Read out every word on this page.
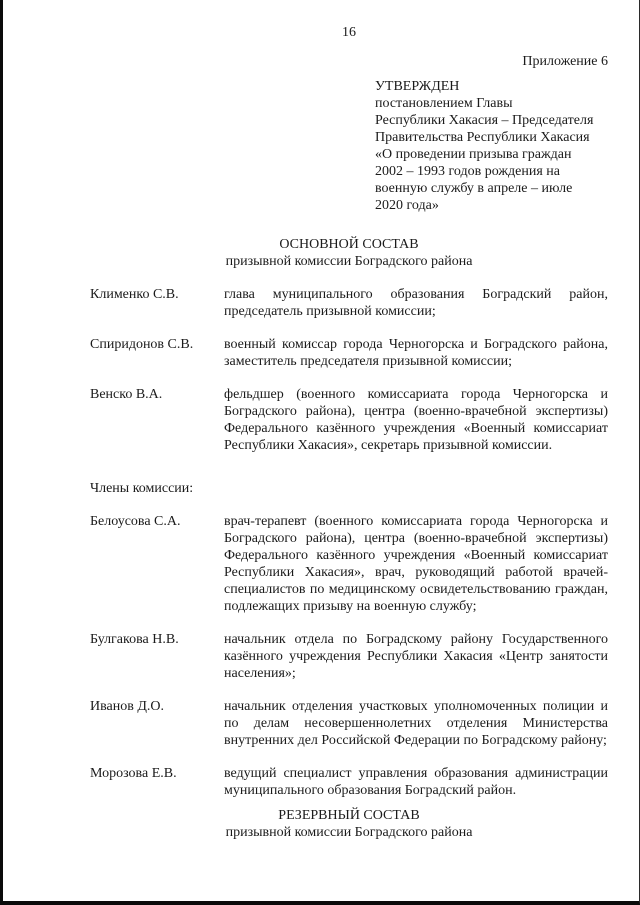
16
Приложение 6
УТВЕРЖДЕН
постановлением Главы
Республики Хакасия – Председателя
Правительства Республики Хакасия
«О проведении призыва граждан
2002 – 1993 годов рождения на
военную службу в апреле – июле
2020 года»
ОСНОВНОЙ СОСТАВ
призывной комиссии Боградского района
Клименко С.В.	глава муниципального образования Боградский район, председатель призывной комиссии;
Спиридонов С.В.	военный комиссар города Черногорска и Боградского района, заместитель председателя призывной комиссии;
Венско В.А.	фельдшер (военного комиссариата города Черногорска и Боградского района), центра (военно-врачебной экспертизы) Федерального казённого учреждения «Военный комиссариат Республики Хакасия», секретарь призывной комиссии.
Члены комиссии:
Белоусова С.А.	врач-терапевт (военного комиссариата города Черногорска и Боградского района), центра (военно-врачебной экспертизы) Федерального казённого учреждения «Военный комиссариат Республики Хакасия», врач, руководящий работой врачей-специалистов по медицинскому освидетельствованию граждан, подлежащих призыву на военную службу;
Булгакова Н.В.	начальник отдела по Боградскому району Государственного казённого учреждения Республики Хакасия «Центр занятости населения»;
Иванов Д.О.	начальник отделения участковых уполномоченных полиции и по делам несовершеннолетних отделения Министерства внутренних дел Российской Федерации по Боградскому району;
Морозова Е.В.	ведущий специалист управления образования администрации муниципального образования Боградский район.
РЕЗЕРВНЫЙ СОСТАВ
призывной комиссии Боградского района
